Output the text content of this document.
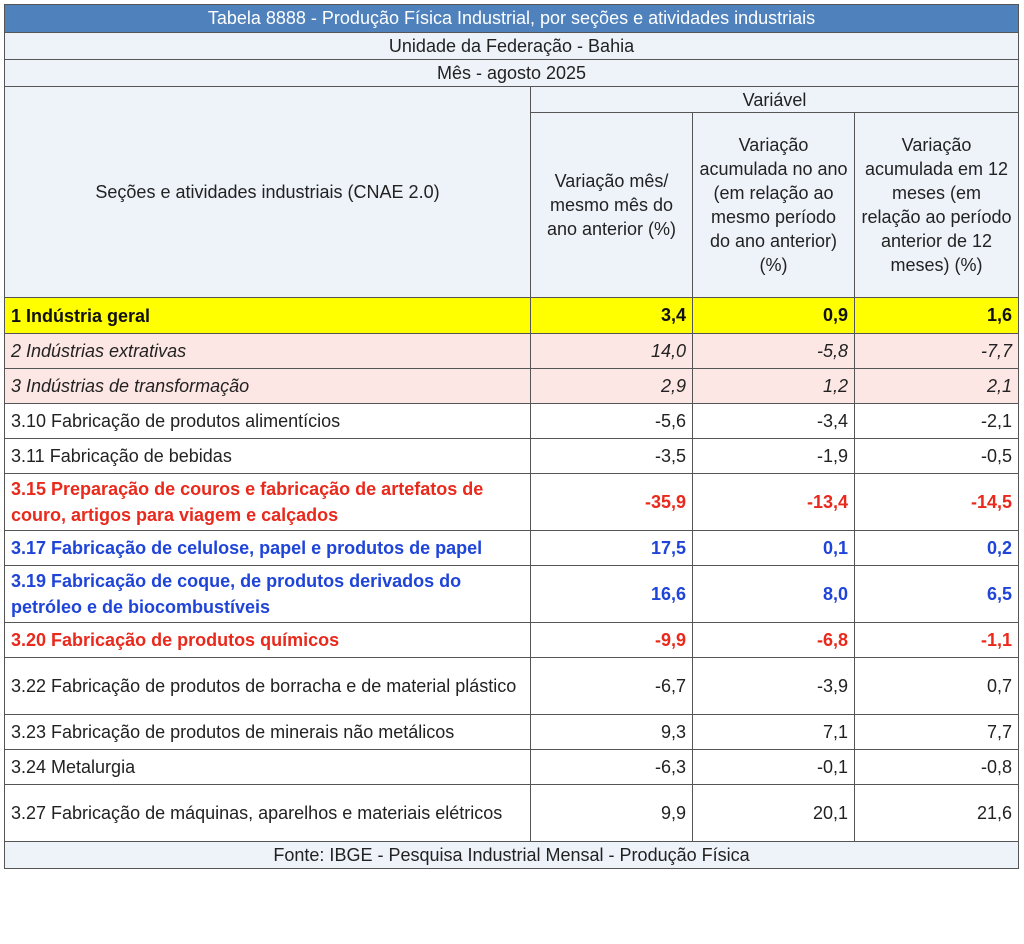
Tabela 8888 - Produção Física Industrial, por seções e atividades industriais			
Unidade da Federação - Bahia			
Mês - agosto 2025			
Seções e atividades industriais (CNAE 2.0)	Variável		
	Variação mês/ mesmo mês do ano anterior (%)	Variação acumulada no ano (em relação ao mesmo período do ano anterior) (%)	Variação acumulada em 12 meses (em relação ao período anterior de 12 meses) (%)
1 Indústria geral	3,4	0,9	1,6
2 Indústrias extrativas	14,0	-5,8	-7,7
3 Indústrias de transformação	2,9	1,2	2,1
3.10 Fabricação de produtos alimentícios	-5,6	-3,4	-2,1
3.11 Fabricação de bebidas	-3,5	-1,9	-0,5
3.15 Preparação de couros e fabricação de artefatos de couro, artigos para viagem e calçados	-35,9	-13,4	-14,5
3.17 Fabricação de celulose, papel e produtos de papel	17,5	0,1	0,2
3.19 Fabricação de coque, de produtos derivados do petróleo e de biocombustíveis	16,6	8,0	6,5
3.20 Fabricação de produtos químicos	-9,9	-6,8	-1,1
3.22 Fabricação de produtos de borracha e de material plástico	-6,7	-3,9	0,7
3.23 Fabricação de produtos de minerais não metálicos	9,3	7,1	7,7
3.24 Metalurgia	-6,3	-0,1	-0,8
3.27 Fabricação de máquinas, aparelhos e materiais elétricos	9,9	20,1	21,6
Fonte: IBGE - Pesquisa Industrial Mensal - Produção Física			
